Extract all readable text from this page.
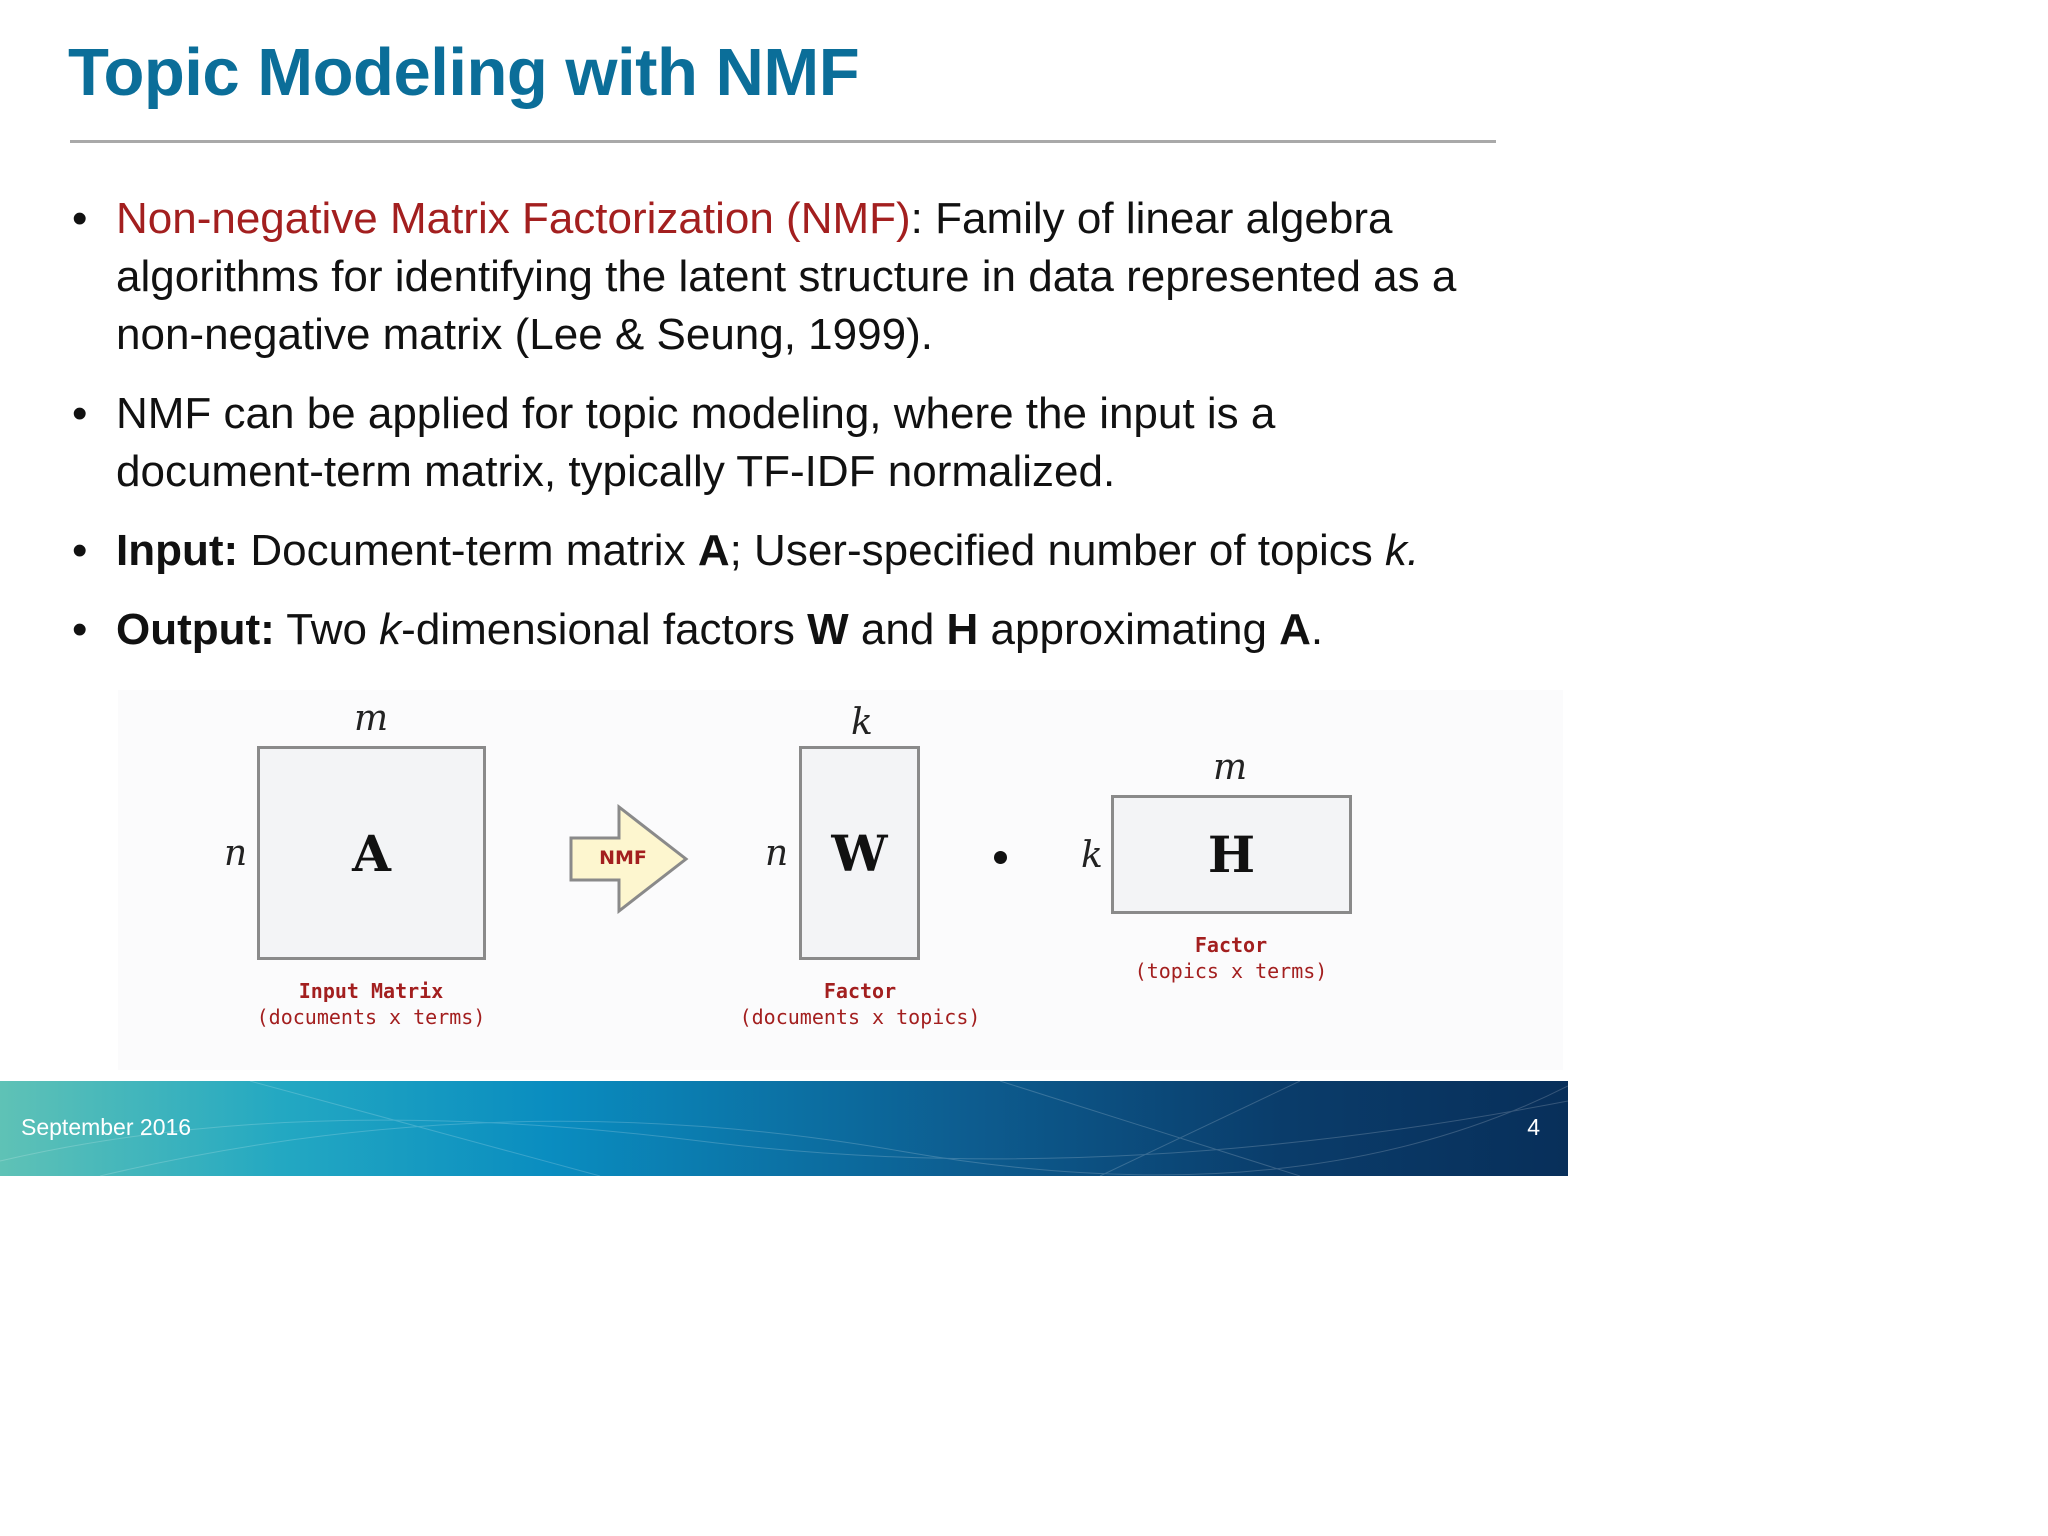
Topic Modeling with NMF
• Non-negative Matrix Factorization (NMF): Family of linear algebra algorithms for identifying the latent structure in data represented as a non-negative matrix (Lee & Seung, 1999).
• NMF can be applied for topic modeling, where the input is a document-term matrix, typically TF-IDF normalized.
• Input: Document-term matrix A; User-specified number of topics k.
• Output: Two k-dimensional factors W and H approximating A.
m
n A
Input Matrix
(documents x terms)
NMF
k
n W
Factor
(documents x topics)
m
k H
Factor
(topics x terms)
September 2016	4
